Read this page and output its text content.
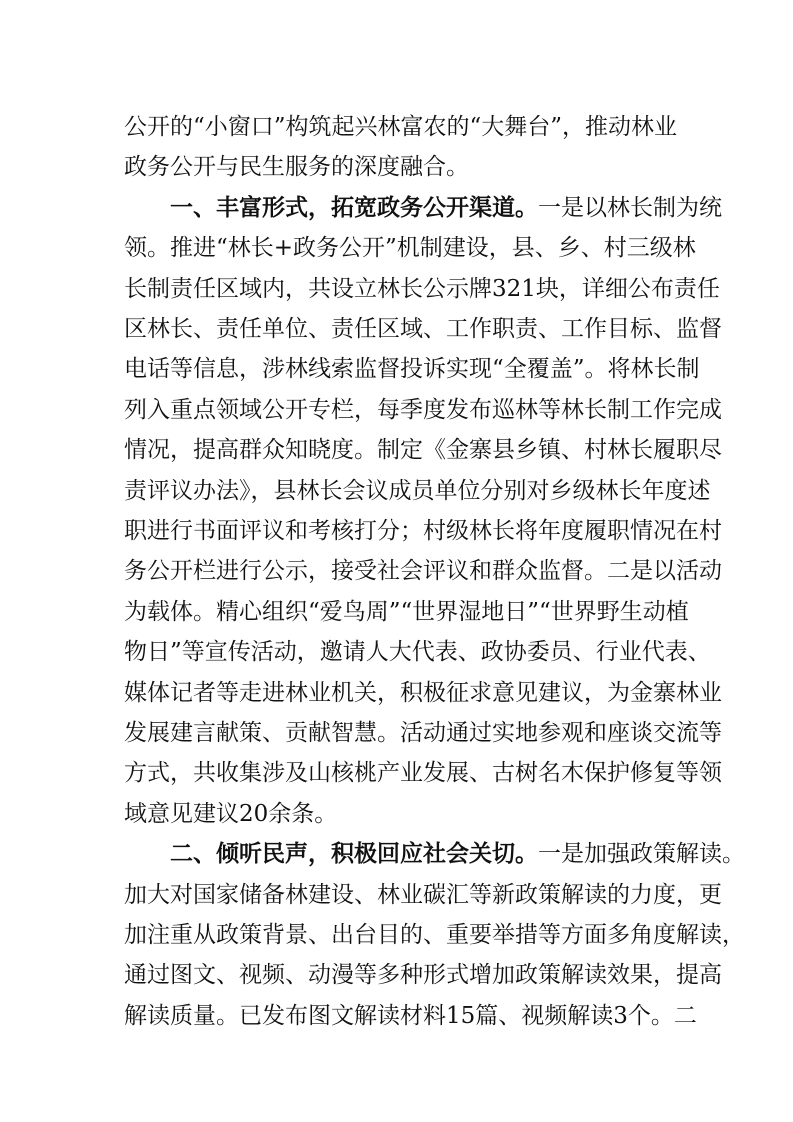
公开的“小窗口”构筑起兴林富农的“大舞台”，推动林业
政务公开与民生服务的深度融合。
一、丰富形式，拓宽政务公开渠道。一是以林长制为统
领。推进“林长+政务公开”机制建设，县、乡、村三级林
长制责任区域内，共设立林长公示牌321块，详细公布责任
区林长、责任单位、责任区域、工作职责、工作目标、监督
电话等信息，涉林线索监督投诉实现“全覆盖”。将林长制
列入重点领域公开专栏，每季度发布巡林等林长制工作完成
情况，提高群众知晓度。制定《金寨县乡镇、村林长履职尽
责评议办法》，县林长会议成员单位分别对乡级林长年度述
职进行书面评议和考核打分；村级林长将年度履职情况在村
务公开栏进行公示，接受社会评议和群众监督。二是以活动
为载体。精心组织“爱鸟周”“世界湿地日”“世界野生动植
物日”等宣传活动，邀请人大代表、政协委员、行业代表、
媒体记者等走进林业机关，积极征求意见建议，为金寨林业
发展建言献策、贡献智慧。活动通过实地参观和座谈交流等
方式，共收集涉及山核桃产业发展、古树名木保护修复等领
域意见建议20余条。
二、倾听民声，积极回应社会关切。一是加强政策解读。
加大对国家储备林建设、林业碳汇等新政策解读的力度，更
加注重从政策背景、出台目的、重要举措等方面多角度解读，
通过图文、视频、动漫等多种形式增加政策解读效果，提高
解读质量。已发布图文解读材料15篇、视频解读3个。二
